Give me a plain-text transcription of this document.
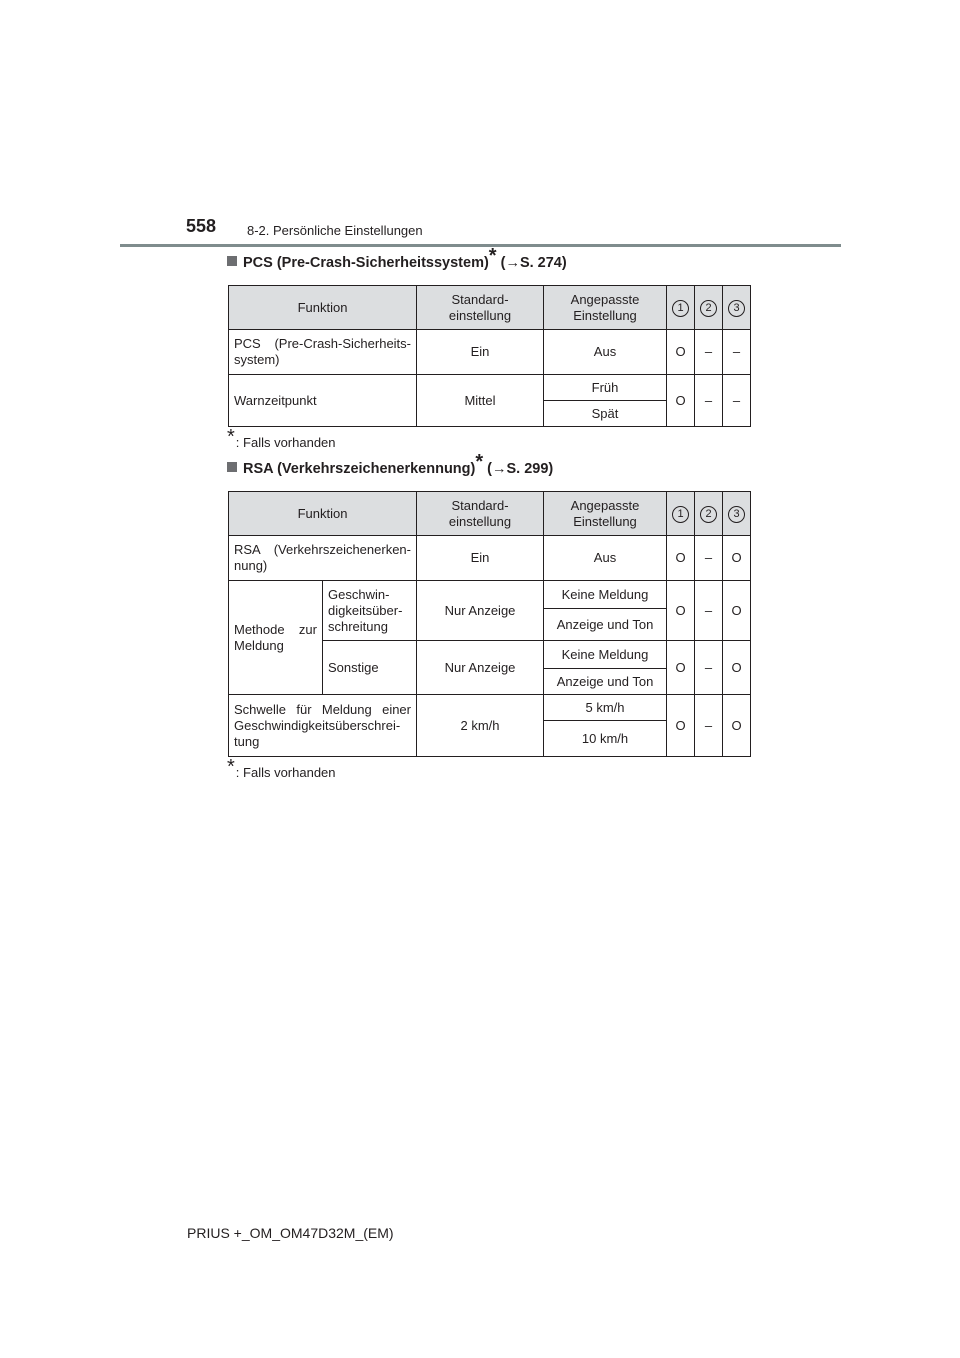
558 8-2. Persönliche Einstellungen
PCS (Pre-Crash-Sicherheitssystem)* (→S. 274)
Funktion	Standard- einstellung	Angepasste Einstellung	1	2	3
PCS (Pre-Crash-Sicherheits- system)	Ein	Aus	O	–	–
Warnzeitpunkt	Mittel	Früh	O	–	–
		Spät			
*: Falls vorhanden
RSA (Verkehrszeichenerkennung)* (→S. 299)
Funktion		Standard- einstellung	Angepasste Einstellung	1	2	3
RSA (Verkehrszeichenerken- nung)		Ein	Aus	O	–	O
Methode zur Meldung	Geschwin- digkeitsüber- schreitung	Nur Anzeige	Keine Meldung	O	–	O
			Anzeige und Ton			
	Sonstige	Nur Anzeige	Keine Meldung	O	–	O
			Anzeige und Ton			
Schwelle für Meldung einer Geschwindigkeitsüberschrei- tung		2 km/h	5 km/h	O	–	O
			10 km/h			
*: Falls vorhanden
PRIUS +_OM_OM47D32M_(EM)
